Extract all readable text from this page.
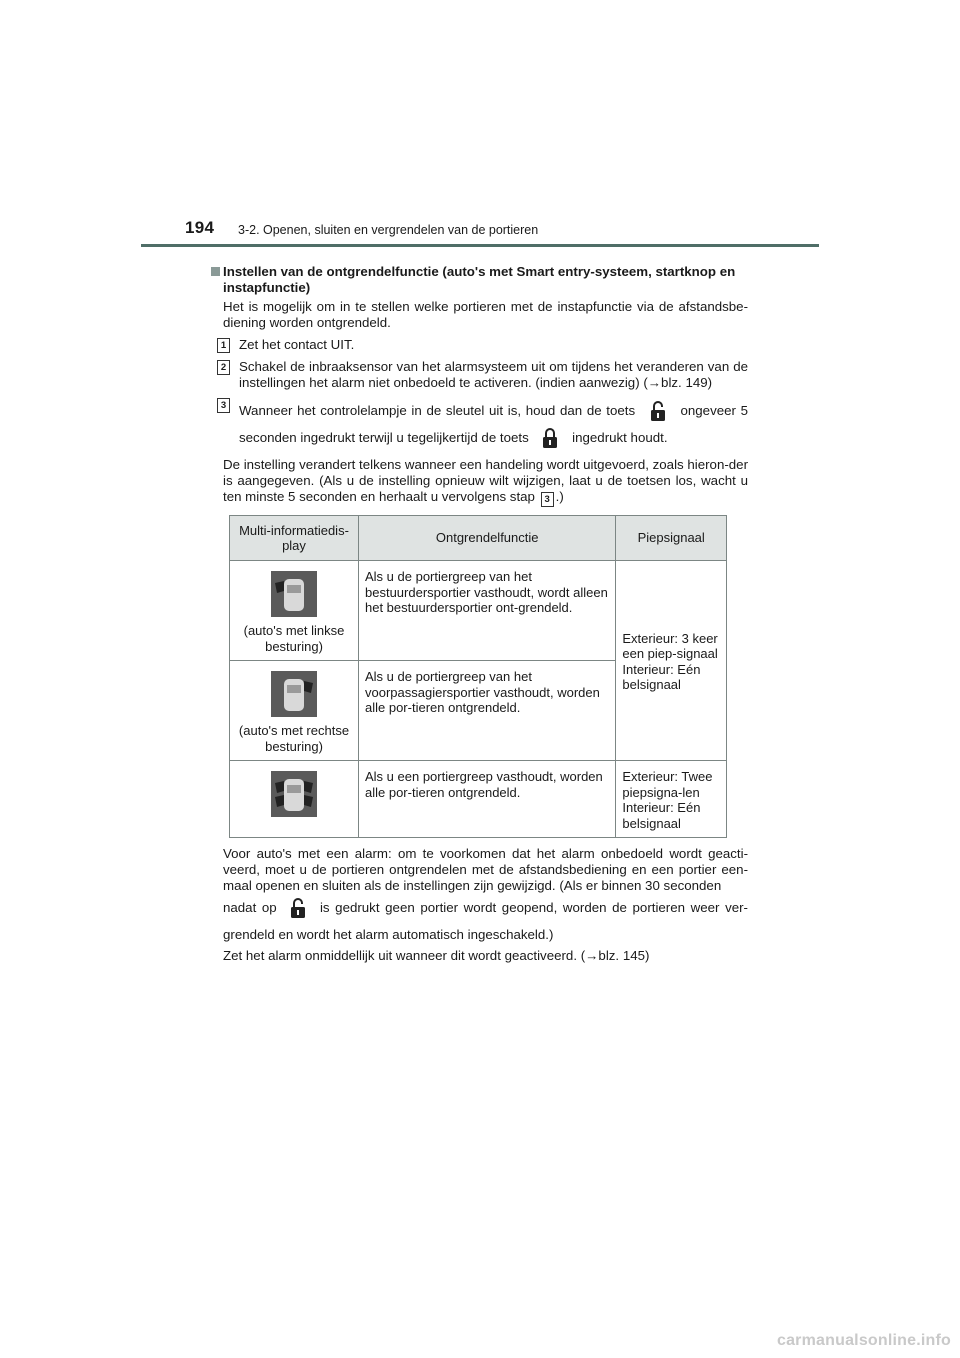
194 3-2. Openen, sluiten en vergrendelen van de portieren
Instellen van de ontgrendelfunctie (auto's met Smart entry-systeem, startknop en instapfunctie)
Het is mogelijk om in te stellen welke portieren met de instapfunctie via de afstandsbe-diening worden ontgrendeld.
1 Zet het contact UIT.
2 Schakel de inbraaksensor van het alarmsysteem uit om tijdens het veranderen van de instellingen het alarm niet onbedoeld te activeren. (indien aanwezig) (→blz. 149)
3 Wanneer het controlelampje in de sleutel uit is, houd dan de toets	ongeveer 5 seconden ingedrukt terwijl u tegelijkertijd de toets	ingedrukt houdt.
De instelling verandert telkens wanneer een handeling wordt uitgevoerd, zoals hieron-der is aangegeven. (Als u de instelling opnieuw wilt wijzigen, laat u de toetsen los, wacht u ten minste 5 seconden en herhaalt u vervolgens stap 3 .)
Multi-informatiedis-play	Ontgrendelfunctie	Piepsignaal

(auto's met linkse besturing)	Als u de portiergreep van het bestuurdersportier vasthoudt, wordt alleen het bestuurdersportier ont-grendeld.	Exterieur: 3 keer een piep-signaal
Interieur: Eén belsignaal

(auto's met rechtse besturing)	Als u de portiergreep van het voorpassagiersportier vasthoudt, worden alle por-tieren ontgrendeld.	

	Als u een portiergreep vasthoudt, worden alle por-tieren ontgrendeld.	Exterieur: Twee piepsigna-len
Interieur: Eén belsignaal
Voor auto's met een alarm: om te voorkomen dat het alarm onbedoeld wordt geacti-veerd, moet u de portieren ontgrendelen met de afstandsbediening en een portier een-maal openen en sluiten als de instellingen zijn gewijzigd. (Als er binnen 30 seconden
nadat op	is gedrukt geen portier wordt geopend, worden de portieren weer ver-grendeld en wordt het alarm automatisch ingeschakeld.)
Zet het alarm onmiddellijk uit wanneer dit wordt geactiveerd. (→blz. 145)
carmanualsonline.info
